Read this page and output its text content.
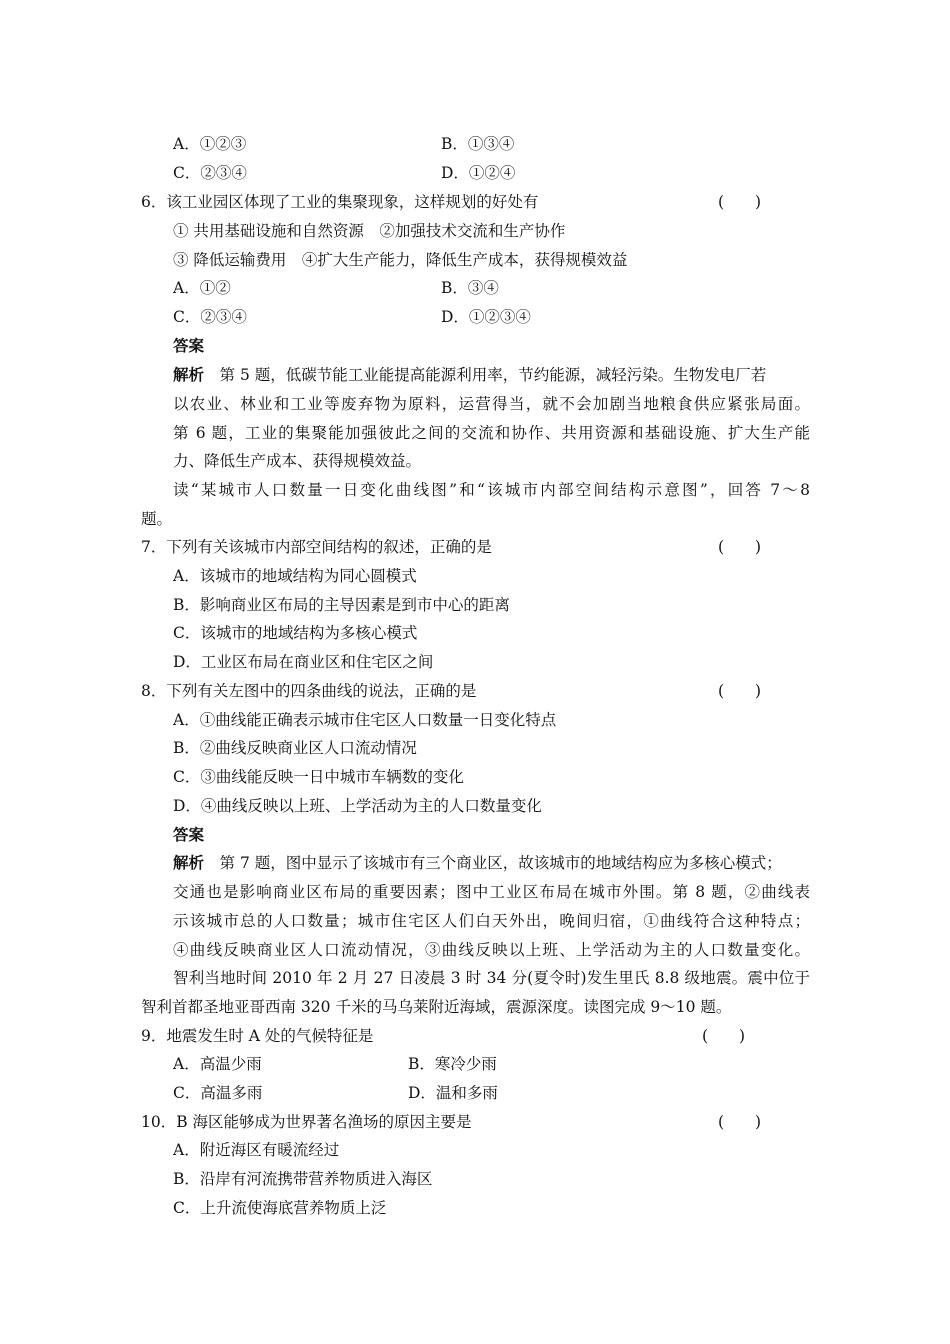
A．①②③	B．①③④
C．②③④	D．①②④
6．该工业园区体现了工业的集聚现象，这样规划的好处有	(　　)
① 共用基础设施和自然资源　②加强技术交流和生产协作
③ 降低运输费用　④扩大生产能力，降低生产成本，获得规模效益
A．①②	B．③④
C．②③④	D．①②③④
答案
解析　第 5 题，低碳节能工业能提高能源利用率，节约能源，减轻污染。生物发电厂若
以农业、林业和工业等废弃物为原料，运营得当，就不会加剧当地粮食供应紧张局面。
第 6 题，工业的集聚能加强彼此之间的交流和协作、共用资源和基础设施、扩大生产能
力、降低生产成本、获得规模效益。
读“某城市人口数量一日变化曲线图”和“该城市内部空间结构示意图”，回答 7～8
题。
7．下列有关该城市内部空间结构的叙述，正确的是	(　　)
A．该城市的地域结构为同心圆模式
B．影响商业区布局的主导因素是到市中心的距离
C．该城市的地域结构为多核心模式
D．工业区布局在商业区和住宅区之间
8．下列有关左图中的四条曲线的说法，正确的是	(　　)
A．①曲线能正确表示城市住宅区人口数量一日变化特点
B．②曲线反映商业区人口流动情况
C．③曲线能反映一日中城市车辆数的变化
D．④曲线反映以上班、上学活动为主的人口数量变化
答案
解析　第 7 题，图中显示了该城市有三个商业区，故该城市的地域结构应为多核心模式；
交通也是影响商业区布局的重要因素；图中工业区布局在城市外围。第 8 题，②曲线表
示该城市总的人口数量；城市住宅区人们白天外出，晚间归宿，①曲线符合这种特点；
④曲线反映商业区人口流动情况，③曲线反映以上班、上学活动为主的人口数量变化。
智利当地时间 2010 年 2 月 27 日凌晨 3 时 34 分(夏令时)发生里氏 8.8 级地震。震中位于
智利首都圣地亚哥西南 320 千米的马乌莱附近海域，震源深度。读图完成 9～10 题。
9．地震发生时 A 处的气候特征是	(　　)
A．高温少雨	B．寒冷少雨
C．高温多雨	D．温和多雨
10．B 海区能够成为世界著名渔场的原因主要是	(　　)
A．附近海区有暖流经过
B．沿岸有河流携带营养物质进入海区
C．上升流使海底营养物质上泛
